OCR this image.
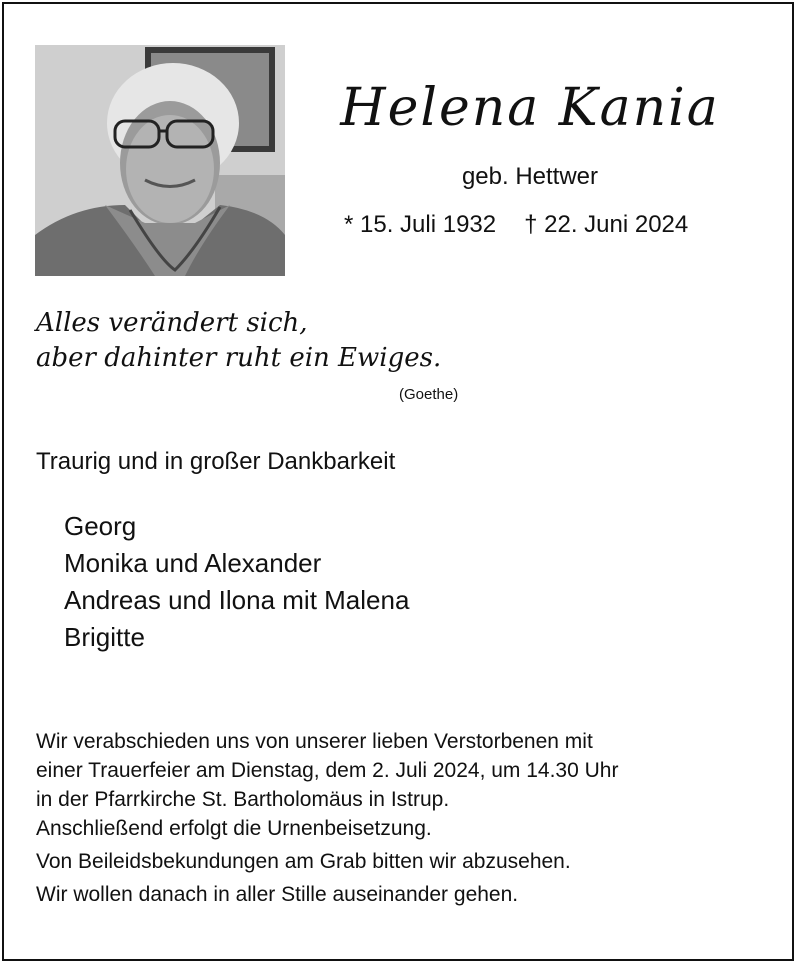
Helena Kania
geb. Hettwer
* 15. Juli 1932 † 22. Juni 2024
Alles verändert sich,
aber dahinter ruht ein Ewiges.
(Goethe)
Traurig und in großer Dankbarkeit
Georg
Monika und Alexander
Andreas und Ilona mit Malena
Brigitte

Wir verabschieden uns von unserer lieben Verstorbenen mit
einer Trauerfeier am Dienstag, dem 2. Juli 2024, um 14.30 Uhr
in der Pfarrkirche St. Bartholomäus in Istrup.
Anschließend erfolgt die Urnenbeisetzung.

Von Beileidsbekundungen am Grab bitten wir abzusehen.

Wir wollen danach in aller Stille auseinander gehen.
